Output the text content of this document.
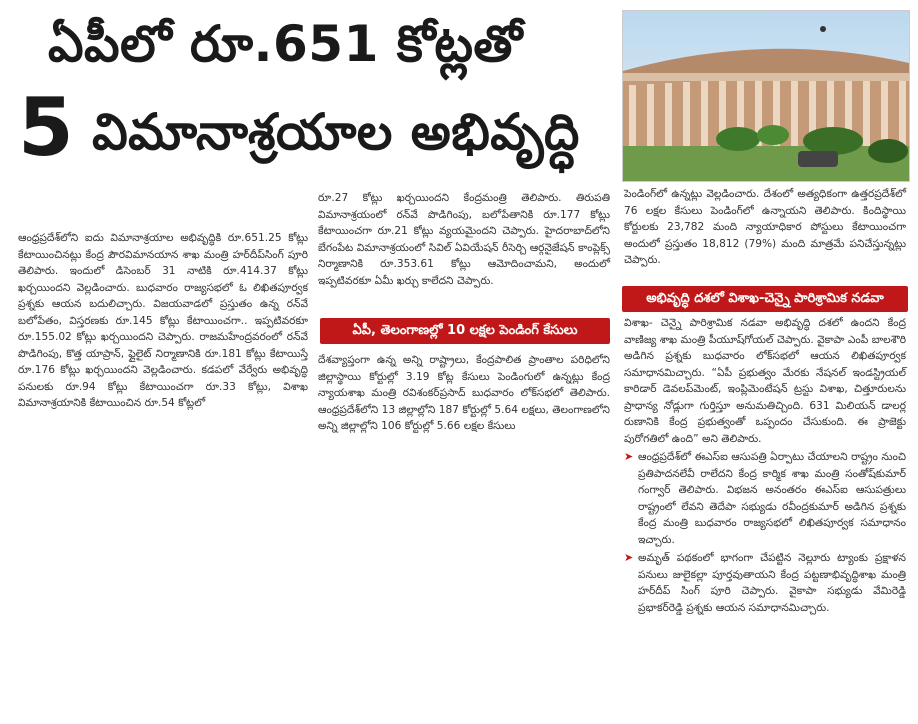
ఏపీలో రూ.651 కోట్లతో
5 విమానాశ్రయాల అభివృద్ధి

ఆంధ్రప్రదేశ్‌లోని ఐదు విమానాశ్రయాల అభివృద్ధికి రూ.651.25 కోట్లు కేటాయించినట్లు కేంద్ర పౌరవిమానయాన శాఖ మంత్రి హర్‌దీప్‌సింగ్ పూరి తెలిపారు. ఇందులో డిసెంబర్ 31 నాటికి రూ.414.37 కోట్లు ఖర్చయిందని వెల్లడించారు. బుధవారం రాజ్యసభలో ఓ లిఖితపూర్వక ప్రశ్నకు ఆయన బదులిచ్చారు. విజయవాడలో ప్రస్తుతం ఉన్న రన్‌వే బలోపేతం, విస్తరణకు రూ.145 కోట్లు కేటాయించగా.. ఇప్పటివరకూ రూ.155.02 కోట్లు ఖర్చయిందని చెప్పారు. రాజమహేంద్రవరంలో రన్‌వే పొడిగింపు, కొత్త యాప్రాన్, ఫ్లైలైట్ నిర్మాణానికి రూ.181 కోట్లు కేటాయిస్తే రూ.176 కోట్లు ఖర్చయిందని వెల్లడించారు. కడపలో వేర్వేరు అభివృద్ధి పనులకు రూ.94 కోట్లు కేటాయించగా రూ.33 కోట్లు, విశాఖ విమానాశ్రయానికి కేటాయించిన రూ.54 కోట్లలో

రూ.27 కోట్లు ఖర్చయిందని కేంద్రమంత్రి తెలిపారు. తిరుపతి విమానాశ్రయంలో రన్‌వే పొడిగింపు, బలోపేతానికి రూ.177 కోట్లు కేటాయించగా రూ.21 కోట్లు వ్యయమైందని చెప్పారు. హైదరాబాద్‌లోని బేగంపేట విమానాశ్రయంలో సివిల్ ఏవియేషన్ రీసెర్చి ఆర్గనైజేషన్ కాంప్లెక్స్ నిర్మాణానికి రూ.353.61 కోట్లు ఆమోదించామని, అందులో ఇప్పటివరకూ ఏమీ ఖర్చు కాలేదని చెప్పారు.

ఏపీ, తెలంగాణల్లో 10 లక్షల పెండింగ్ కేసులు

దేశవ్యాప్తంగా ఉన్న అన్ని రాష్ట్రాలు, కేంద్రపాలిత ప్రాంతాల పరిధిలోని జిల్లాస్థాయి కోర్టుల్లో 3.19 కోట్ల కేసులు పెండింగులో ఉన్నట్లు కేంద్ర న్యాయశాఖ మంత్రి రవిశంకర్‌ప్రసాద్ బుధవారం లోక్‌సభలో తెలిపారు. ఆంధ్రప్రదేశ్‌లోని 13 జిల్లాల్లోని 187 కోర్టుల్లో 5.64 లక్షలు, తెలంగాణలోని అన్ని జిల్లాల్లోని 106 కోర్టుల్లో 5.66 లక్షల కేసులు

పెండింగ్‌లో ఉన్నట్లు వెల్లడించారు. దేశంలో అత్యధికంగా ఉత్తరప్రదేశ్‌లో 76 లక్షల కేసులు పెండింగ్‌లో ఉన్నాయని తెలిపారు. కిందిస్థాయి కోర్టులకు 23,782 మంది న్యాయాధికార పోస్టులు కేటాయించగా అందులో ప్రస్తుతం 18,812 (79%) మంది మాత్రమే పనిచేస్తున్నట్లు చెప్పారు.

అభివృద్ధి దశలో విశాఖ-చెన్నై పారిశ్రామిక నడవా

విశాఖ- చెన్నై పారిశ్రామిక నడవా అభివృద్ధి దశలో ఉందని కేంద్ర వాణిజ్య శాఖ మంత్రి పీయూష్‌గోయల్ చెప్పారు. వైకాపా ఎంపీ బాలశౌరి అడిగిన ప్రశ్నకు బుధవారం లోక్‌సభలో ఆయన లిఖితపూర్వక సమాధానమిచ్చారు. “ఏపీ ప్రభుత్వం మేరకు నేషనల్ ఇండస్ట్రియల్ కారిడార్ డెవలప్‌మెంట్, ఇంప్లిమెంటేషన్ ట్రస్టు విశాఖ, చిత్తూరులను ప్రాధాన్య నోడ్లుగా గుర్తిస్తూ అనుమతిచ్చింది. 631 మిలియన్ డాలర్ల రుణానికి కేంద్ర ప్రభుత్వంతో ఒప్పందం చేసుకుంది. ఈ ప్రాజెక్టు పురోగతిలో ఉంది” అని తెలిపారు.

➤ ఆంధ్రప్రదేశ్‌లో ఈఎస్‌ఐ ఆసుపత్రి ఏర్పాటు చేయాలని రాష్ట్రం నుంచి ప్రతిపాదనలేవీ రాలేదని కేంద్ర కార్మిక శాఖ మంత్రి సంతోష్‌కుమార్ గంగ్వార్ తెలిపారు. విభజన అనంతరం ఈఎస్‌ఐ ఆసుపత్రులు రాష్ట్రంలో లేవని తెదేపా సభ్యుడు రవీంద్రకుమార్ అడిగిన ప్రశ్నకు కేంద్ర మంత్రి బుధవారం రాజ్యసభలో లిఖితపూర్వక సమాధానం ఇచ్చారు.

➤ అమృత్ పథకంలో భాగంగా చేపట్టిన నెల్లూరు ట్యాంకు ప్రక్షాళన పనులు జులైకల్లా పూర్తవుతాయని కేంద్ర పట్టణాభివృద్ధిశాఖ మంత్రి హర్‌దీప్ సింగ్ పూరి చెప్పారు. వైకాపా సభ్యుడు వేమిరెడ్డి ప్రభాకర్‌రెడ్డి ప్రశ్నకు ఆయన సమాధానమిచ్చారు.
